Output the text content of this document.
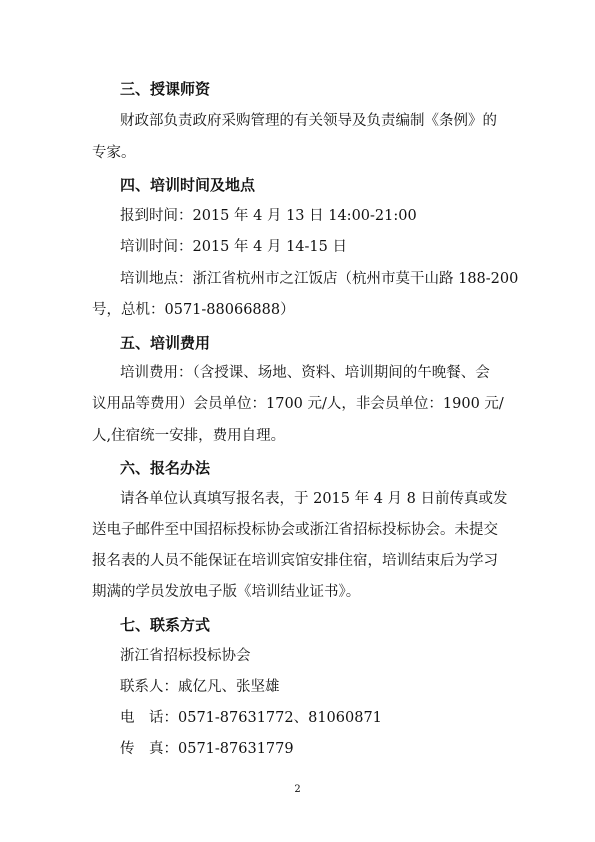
三、授课师资
财政部负责政府采购管理的有关领导及负责编制《条例》的
专家。
四、培训时间及地点
报到时间：2015 年 4 月 13 日 14:00-21:00
培训时间：2015 年 4 月 14-15 日
培训地点：浙江省杭州市之江饭店（杭州市莫干山路 188-200
号，总机：0571-88066888）
五、培训费用
培训费用：（含授课、场地、资料、培训期间的午晚餐、会
议用品等费用）会员单位：1700 元/人，非会员单位：1900 元/
人,住宿统一安排，费用自理。
六、报名办法
请各单位认真填写报名表，于 2015 年 4 月 8 日前传真或发
送电子邮件至中国招标投标协会或浙江省招标投标协会。未提交
报名表的人员不能保证在培训宾馆安排住宿，培训结束后为学习
期满的学员发放电子版《培训结业证书》。
七、联系方式
浙江省招标投标协会
联系人：戚亿凡、张坚雄
电　话：0571-87631772、81060871
传　真：0571-87631779
2
